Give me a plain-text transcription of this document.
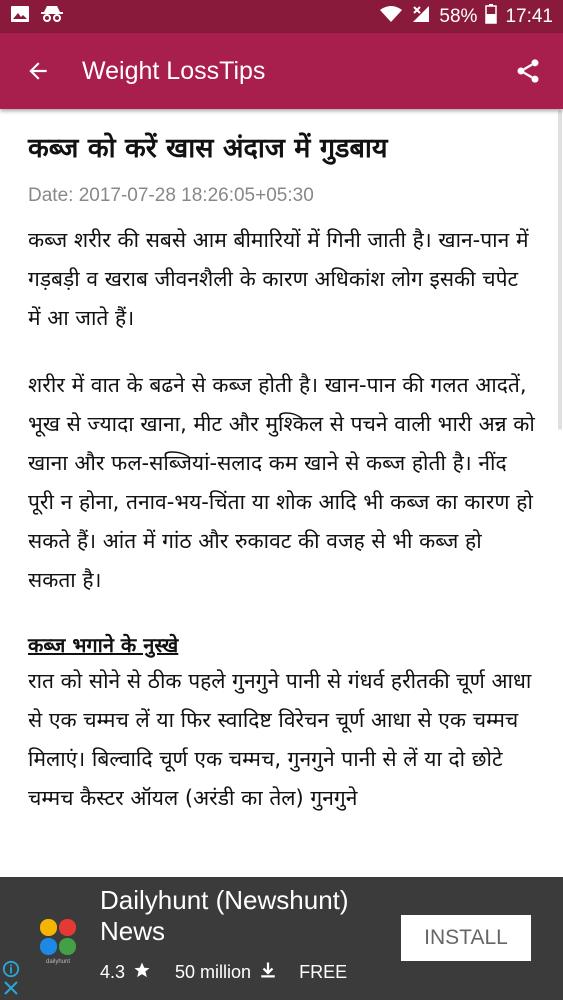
58% 17:41
Weight LossTips
कब्ज को करें खास अंदाज में गुडबाय
Date: 2017-07-28 18:26:05+05:30

कब्ज शरीर की सबसे आम बीमारियों में गिनी जाती है। खान-पान में गड़बड़ी व खराब जीवनशैली के कारण अधिकांश लोग इसकी चपेट में आ जाते हैं।

शरीर में वात के बढने से कब्ज होती है। खान-पान की गलत आदतें, भूख से ज्यादा खाना, मीट और मुश्किल से पचने वाली भारी अन्न को खाना और फल-सब्जियां-सलाद कम खाने से कब्ज होती है। नींद पूरी न होना, तनाव-भय-चिंता या शोक आदि भी कब्ज का कारण हो सकते हैं। आंत में गांठ और रुकावट की वजह से भी कब्ज हो सकता है।

कब्ज भगाने के नुस्खे

रात को सोने से ठीक पहले गुनगुने पानी से गंधर्व हरीतकी चूर्ण आधा से एक चम्मच लें या फिर स्वादिष्ट विरेचन चूर्ण आधा से एक चम्मच मिलाएं। बिल्वादि चूर्ण एक चम्मच, गुनगुने पानी से लें या दो छोटे चम्मच कैस्टर ऑयल (अरंडी का तेल) गुनगुने

dailyhunt
Dailyhunt (Newshunt) News
4.3	50 million	FREE
INSTALL
